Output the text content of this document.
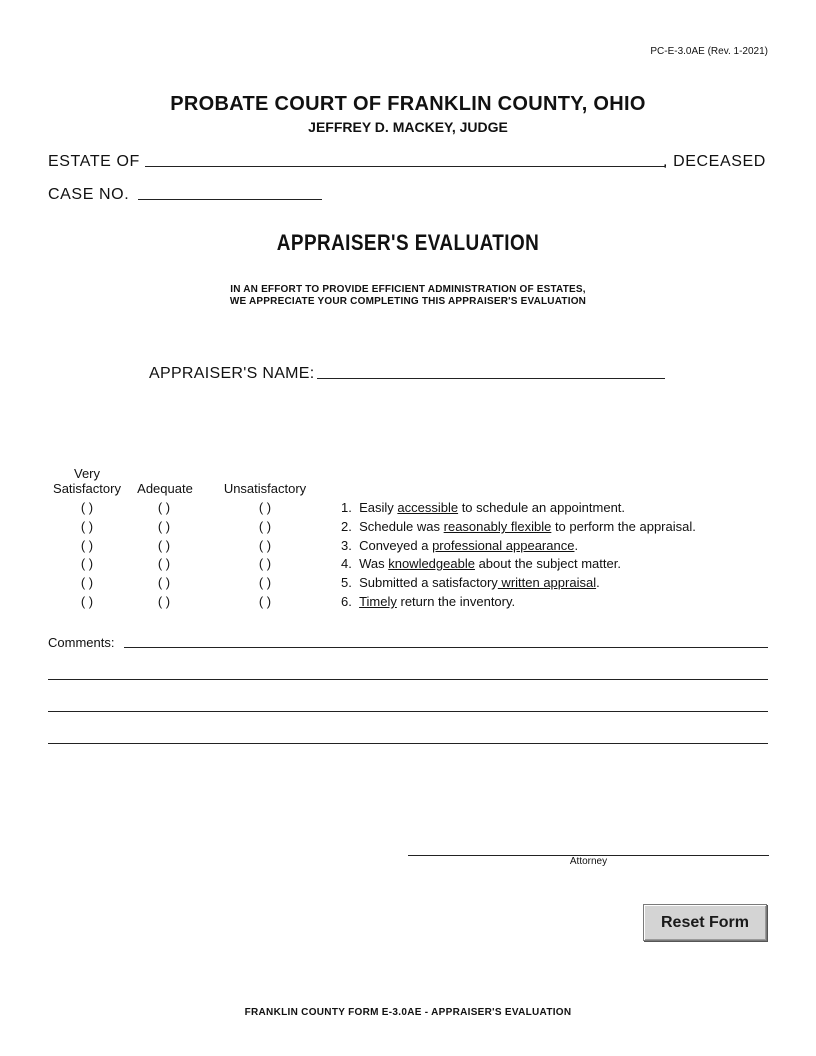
PC-E-3.0AE (Rev. 1-2021)
PROBATE COURT OF FRANKLIN COUNTY, OHIO
JEFFREY D. MACKEY, JUDGE
ESTATE OF	, DECEASED
CASE NO.
APPRAISER'S EVALUATION
IN AN EFFORT TO PROVIDE EFFICIENT ADMINISTRATION OF ESTATES,
WE APPRECIATE YOUR COMPLETING THIS APPRAISER'S EVALUATION
APPRAISER'S NAME:
Very
Satisfactory	Adequate	Unsatisfactory
( )	( )	( )	1. Easily accessible to schedule an appointment.
( )	( )	( )	2. Schedule was reasonably flexible to perform the appraisal.
( )	( )	( )	3. Conveyed a professional appearance.
( )	( )	( )	4. Was knowledgeable about the subject matter.
( )	( )	( )	5. Submitted a satisfactory written appraisal.
( )	( )	( )	6. Timely return the inventory.
Comments:
Attorney
Reset Form
FRANKLIN COUNTY FORM E-3.0AE - APPRAISER'S EVALUATION
